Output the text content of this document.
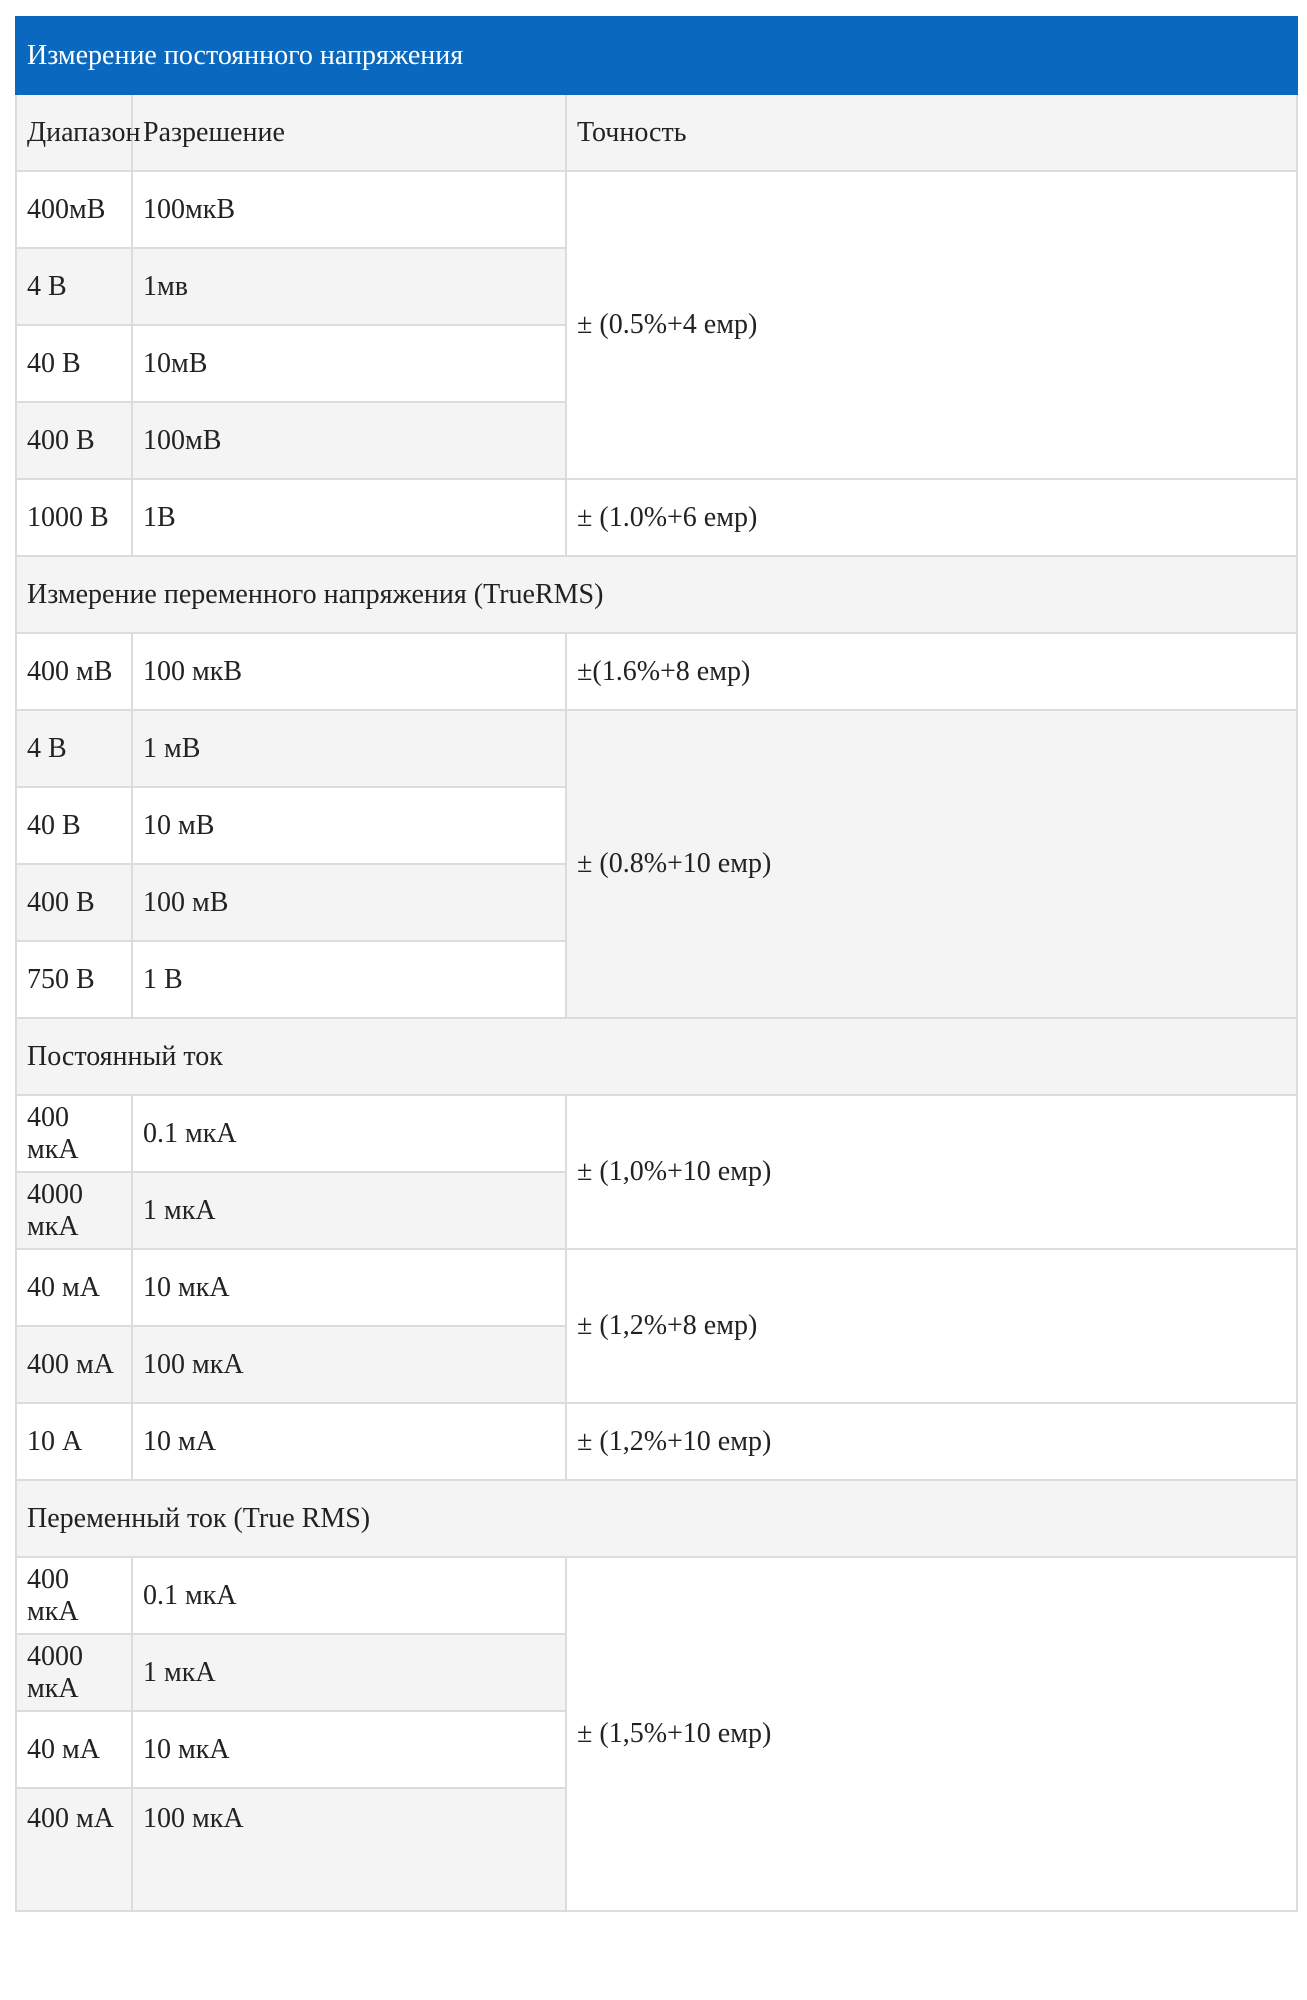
Измерение постоянного напряжения		
Диапазон	Разрешение	Точность
400мВ	100мкВ	± (0.5%+4 емр)
4 В	1мв	
40 В	10мВ	
400 В	100мВ	
1000 В	1В	± (1.0%+6 емр)
Измерение переменного напряжения (TrueRMS)		
400 мВ	100 мкВ	±(1.6%+8 емр)
4 В	1 мВ	± (0.8%+10 емр)
40 В	10 мВ	
400 В	100 мВ	
750 В	1 В	
Постоянный ток		
400 мкА	0.1 мкА	± (1,0%+10 емр)
4000 мкА	1 мкА	
40 мА	10 мкА	± (1,2%+8 емр)
400 мА	100 мкА	
10 А	10 мА	± (1,2%+10 емр)
Переменный ток (True RMS)		
400 мкА	0.1 мкА	± (1,5%+10 емр)
4000 мкА	1 мкА	
40 мА	10 мкА	
400 мА	100 мкА	
